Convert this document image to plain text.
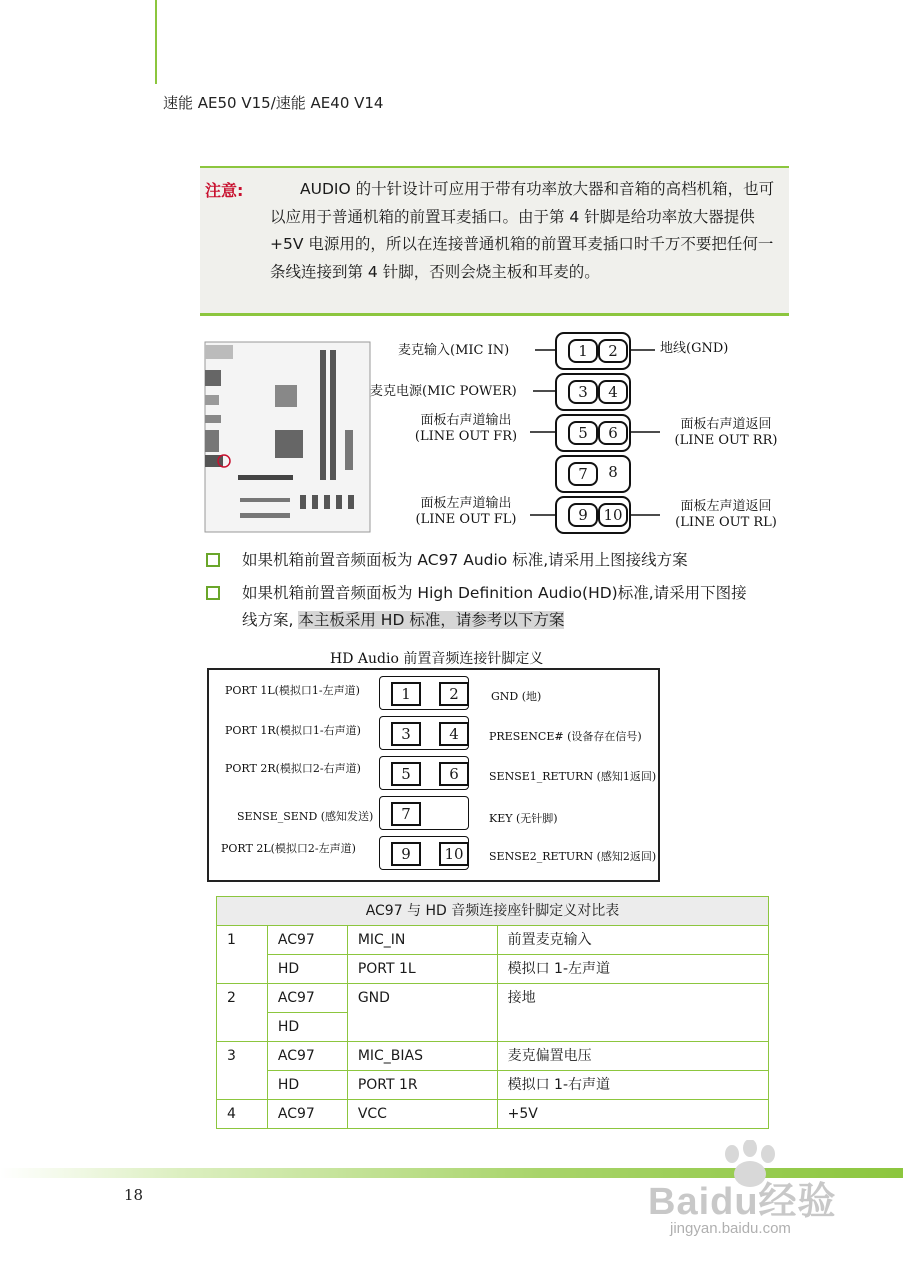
速能 AE50 V15/速能 AE40 V14
注意:	AUDIO 的十针设计可应用于带有功率放大器和音箱的高档机箱，也可以应用于普通机箱的前置耳麦插口。由于第 4 针脚是给功率放大器提供+5V 电源用的，所以在连接普通机箱的前置耳麦插口时千万不要把任何一条线连接到第 4 针脚，否则会烧主板和耳麦的。
麦克输入(MIC IN)
麦克电源(MIC POWER)
面板右声道输出
(LINE OUT FR)
面板左声道输出
(LINE OUT FL)
地线(GND)
面板右声道返回
(LINE OUT RR)
面板左声道返回
(LINE OUT RL)
1	2
3	4
5	6
7	8
9	10
如果机箱前置音频面板为 AC97 Audio 标准,请采用上图接线方案
如果机箱前置音频面板为 High Definition Audio(HD)标准,请采用下图接
线方案, 本主板采用 HD 标准，请参考以下方案
HD Audio 前置音频连接针脚定义
1	2
3	4
5	6
7
9	10
PORT 1L(模拟口1-左声道)
PORT 1R(模拟口1-右声道)
PORT 2R(模拟口2-右声道)
SENSE_SEND (感知发送)
PORT 2L(模拟口2-左声道)
GND (地)
PRESENCE# (设备存在信号)
SENSE1_RETURN (感知1返回)
KEY (无针脚)
SENSE2_RETURN (感知2返回)
AC97 与 HD 音频连接座针脚定义对比表			
1	AC97	MIC_IN	前置麦克输入
	HD	PORT 1L	模拟口 1-左声道
2	AC97	GND	接地
	HD		
3	AC97	MIC_BIAS	麦克偏置电压
	HD	PORT 1R	模拟口 1-右声道
4	AC97	VCC	+5V
18	Baidu经验
jingyan.baidu.com
